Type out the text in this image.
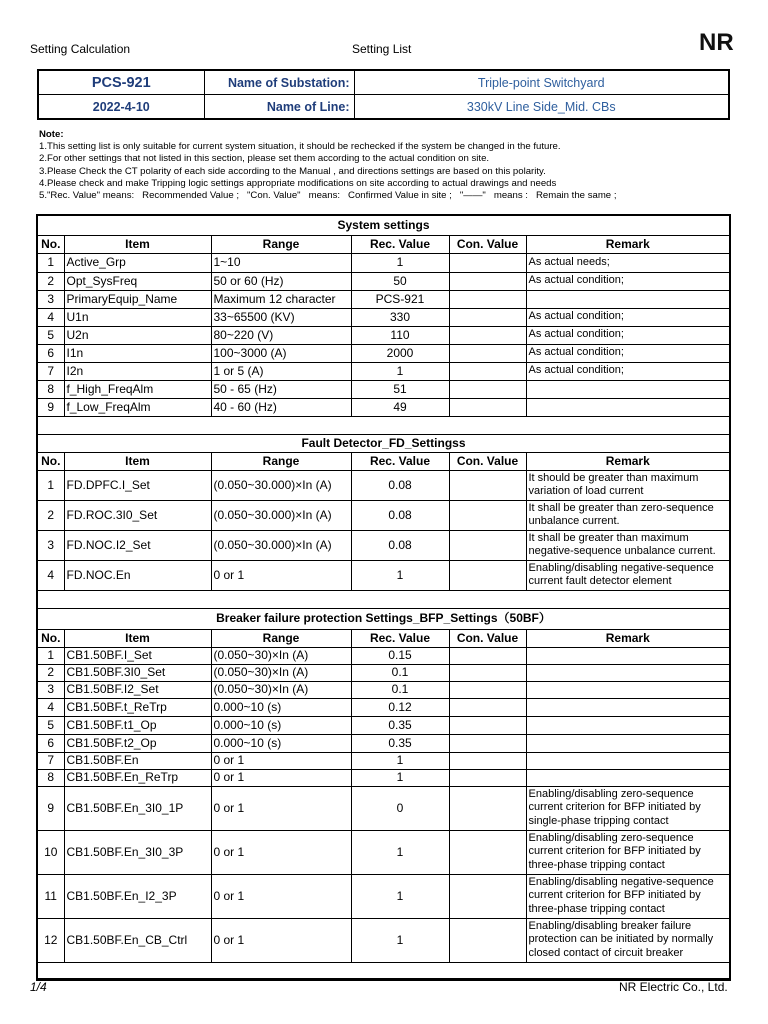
Setting Calculation	Setting List	NR
PCS-921	Name of Substation:	Triple-point Switchyard
2022-4-10	Name of Line:	330kV Line Side_Mid. CBs
Note:
1.This setting list is only suitable for current system situation, it should be rechecked if the system be changed in the future.
2.For other settings that not listed in this section, please set them according to the actual condition on site.
3.Please Check the CT polarity of each side according to the Manual , and directions settings are based on this polarity.
4.Please check and make Tripping logic settings appropriate modifications on site according to actual drawings and needs
5."Rec. Value" means:   Recommended Value ;   "Con. Value"   means:   Confirmed Value in site ;   "——"   means :   Remain the same ;
System settings					
No.	Item	Range	Rec. Value	Con. Value	Remark
1	Active_Grp	1~10	1		As actual needs;
2	Opt_SysFreq	50 or 60 (Hz)	50		As actual condition;
3	PrimaryEquip_Name	Maximum 12 character	PCS-921		
4	U1n	33~65500 (KV)	330		As actual condition;
5	U2n	80~220 (V)	110		As actual condition;
6	I1n	100~3000 (A)	2000		As actual condition;
7	I2n	1 or 5 (A)	1		As actual condition;
8	f_High_FreqAlm	50 - 65 (Hz)	51		
9	f_Low_FreqAlm	40 - 60 (Hz)	49		

Fault Detector_FD_Settingss					
No.	Item	Range	Rec. Value	Con. Value	Remark
1	FD.DPFC.I_Set	(0.050~30.000)×In (A)	0.08		It should be greater than maximum variation of load current
2	FD.ROC.3I0_Set	(0.050~30.000)×In (A)	0.08		It shall be greater than zero-sequence unbalance current.
3	FD.NOC.I2_Set	(0.050~30.000)×In (A)	0.08		It shall be greater than maximum negative-sequence unbalance current.
4	FD.NOC.En	0 or 1	1		Enabling/disabling negative-sequence current fault detector element

Breaker failure protection Settings_BFP_Settings（50BF）					
No.	Item	Range	Rec. Value	Con. Value	Remark
1	CB1.50BF.I_Set	(0.050~30)×In (A)	0.15		
2	CB1.50BF.3I0_Set	(0.050~30)×In (A)	0.1		
3	CB1.50BF.I2_Set	(0.050~30)×In (A)	0.1		
4	CB1.50BF.t_ReTrp	0.000~10 (s)	0.12		
5	CB1.50BF.t1_Op	0.000~10 (s)	0.35		
6	CB1.50BF.t2_Op	0.000~10 (s)	0.35		
7	CB1.50BF.En	0 or 1	1		
8	CB1.50BF.En_ReTrp	0 or 1	1		
9	CB1.50BF.En_3I0_1P	0 or 1	0		Enabling/disabling zero-sequence current criterion for BFP initiated by single-phase tripping contact
10	CB1.50BF.En_3I0_3P	0 or 1	1		Enabling/disabling zero-sequence current criterion for BFP initiated by three-phase tripping contact
11	CB1.50BF.En_I2_3P	0 or 1	1		Enabling/disabling negative-sequence current criterion for BFP initiated by three-phase tripping contact
12	CB1.50BF.En_CB_Ctrl	0 or 1	1		Enabling/disabling breaker failure protection can be initiated by normally closed contact of circuit breaker

1/4	NR Electric Co., Ltd.
